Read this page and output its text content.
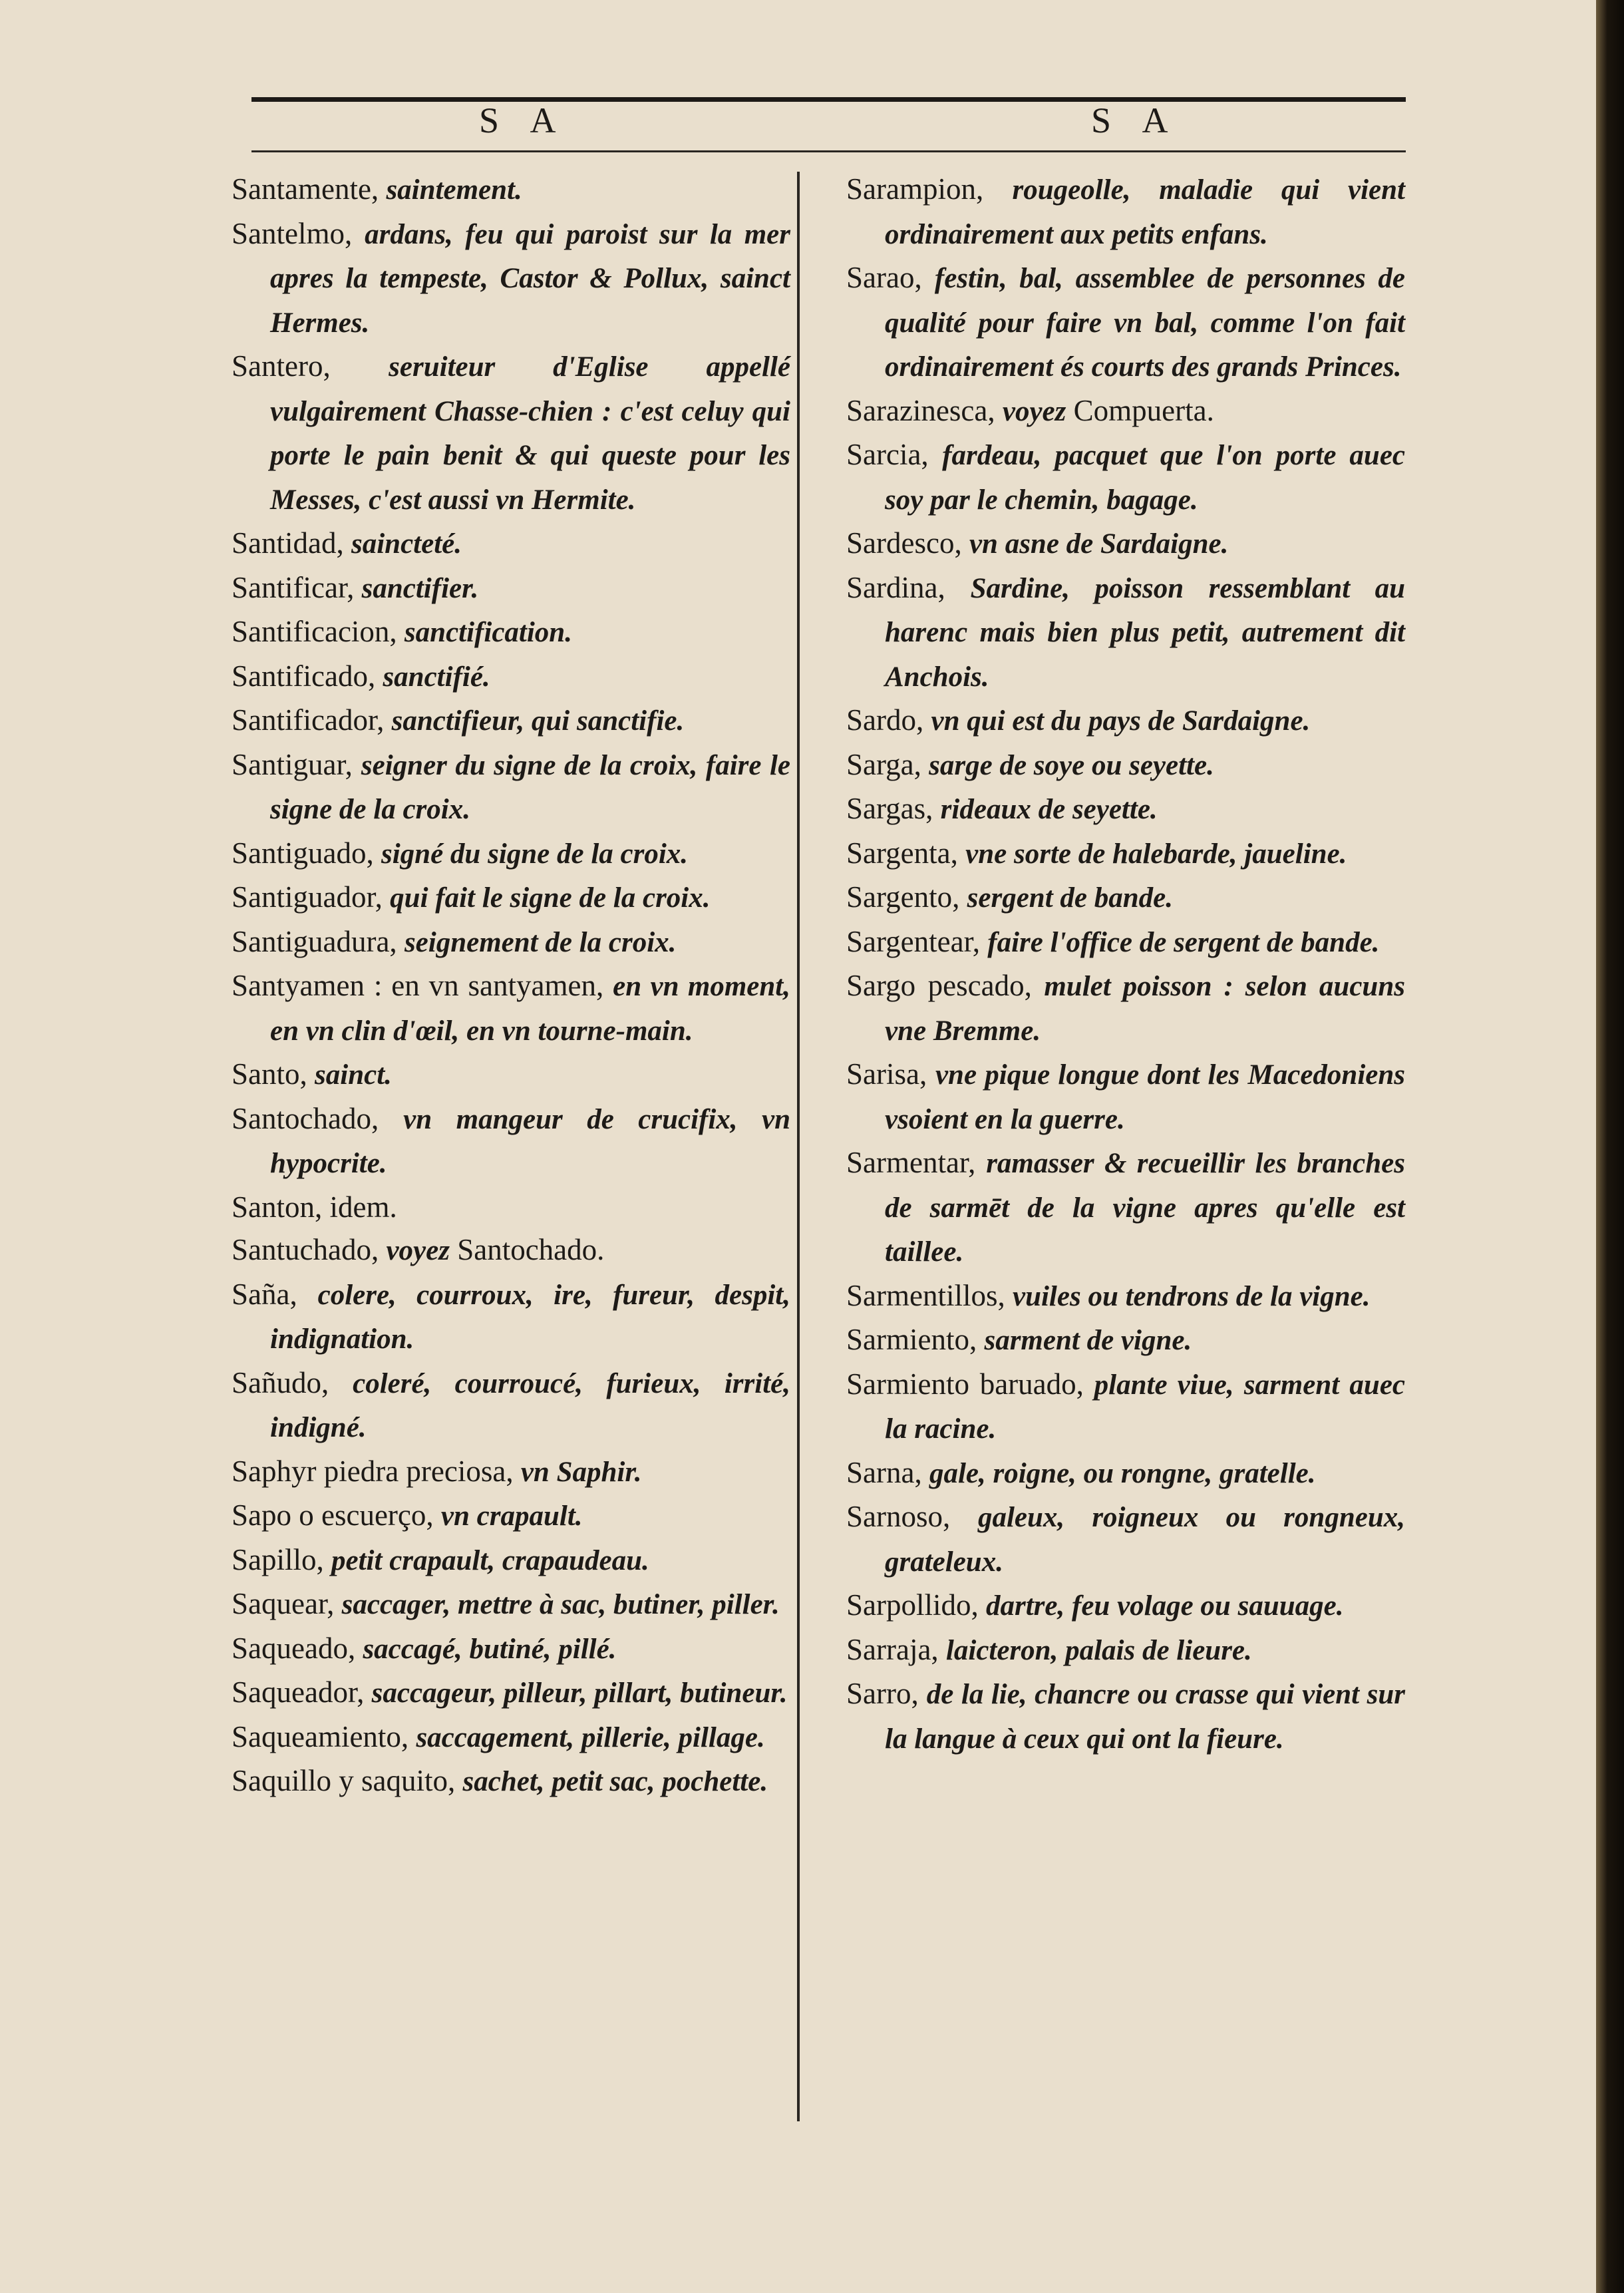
S A	S A
Santamente, saintement.
Santelmo, ardans, feu qui paroist sur la mer apres la tempeste, Castor & Pollux, sainct Hermes.
Santero, seruiteur d'Eglise appellé vulgairement Chasse-chien : c'est celuy qui porte le pain benit & qui queste pour les Messes, c'est aussi vn Hermite.
Santidad, saincteté.
Santificar, sanctifier.
Santificacion, sanctification.
Santificado, sanctifié.
Santificador, sanctifieur, qui sanctifie.
Santiguar, seigner du signe de la croix, faire le signe de la croix.
Santiguado, signé du signe de la croix.
Santiguador, qui fait le signe de la croix.
Santiguadura, seignement de la croix.
Santyamen : en vn santyamen, en vn moment, en vn clin d'œil, en vn tourne-main.
Santo, sainct.
Santochado, vn mangeur de crucifix, vn hypocrite.
Santon, idem.
Santuchado, voyez Santochado.
Saña, colere, courroux, ire, fureur, despit, indignation.
Sañudo, coleré, courroucé, furieux, irrité, indigné.
Saphyr piedra preciosa, vn Saphir.
Sapo o escuerço, vn crapault.
Sapillo, petit crapault, crapaudeau.
Saquear, saccager, mettre à sac, butiner, piller.
Saqueado, saccagé, butiné, pillé.
Saqueador, saccageur, pilleur, pillart, butineur.
Saqueamiento, saccagement, pillerie, pillage.
Saquillo y saquito, sachet, petit sac, pochette.
Sarampion, rougeolle, maladie qui vient ordinairement aux petits enfans.
Sarao, festin, bal, assemblee de personnes de qualité pour faire vn bal, comme l'on fait ordinairement és courts des grands Princes.
Sarazinesca, voyez Compuerta.
Sarcia, fardeau, pacquet que l'on porte auec soy par le chemin, bagage.
Sardesco, vn asne de Sardaigne.
Sardina, Sardine, poisson ressemblant au harenc mais bien plus petit, autrement dit Anchois.
Sardo, vn qui est du pays de Sardaigne.
Sarga, sarge de soye ou seyette.
Sargas, rideaux de seyette.
Sargenta, vne sorte de halebarde, jaueline.
Sargento, sergent de bande.
Sargentear, faire l'office de sergent de bande.
Sargo pescado, mulet poisson : selon aucuns vne Bremme.
Sarisa, vne pique longue dont les Macedoniens vsoient en la guerre.
Sarmentar, ramasser & recueillir les branches de sarmēt de la vigne apres qu'elle est taillee.
Sarmentillos, vuiles ou tendrons de la vigne.
Sarmiento, sarment de vigne.
Sarmiento baruado, plante viue, sarment auec la racine.
Sarna, gale, roigne, ou rongne, gratelle.
Sarnoso, galeux, roigneux ou rongneux, grateleux.
Sarpollido, dartre, feu volage ou sauuage.
Sarraja, laicteron, palais de lieure.
Sarro, de la lie, chancre ou crasse qui vient sur la langue à ceux qui ont la fieure.
